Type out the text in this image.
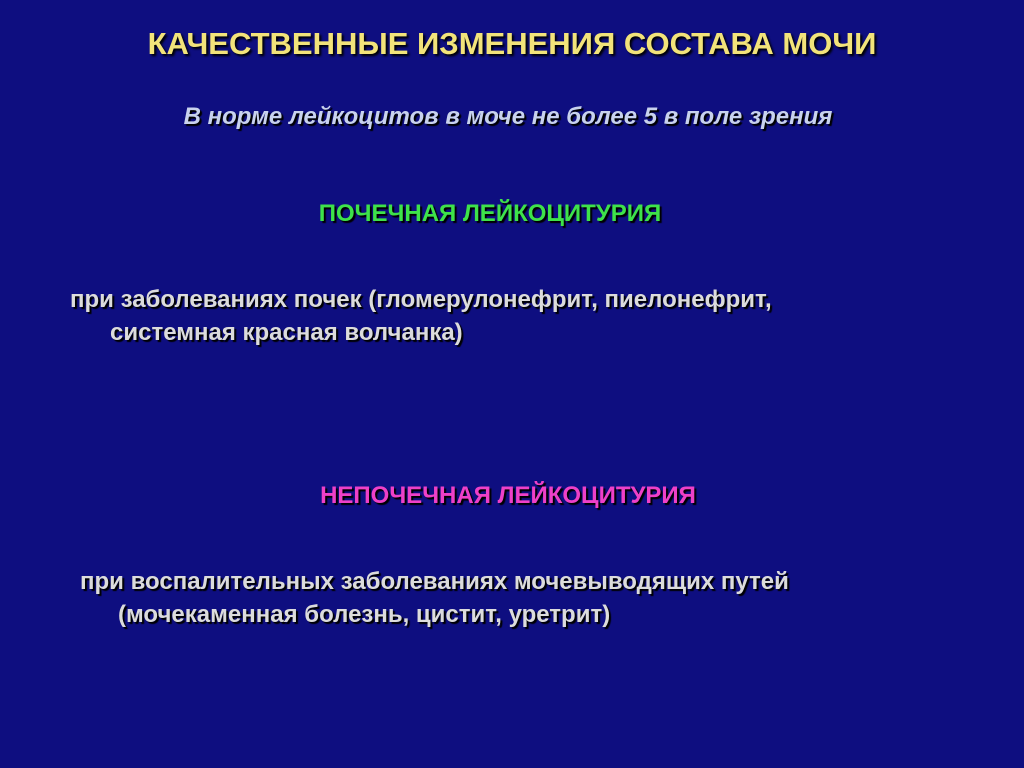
КАЧЕСТВЕННЫЕ ИЗМЕНЕНИЯ СОСТАВА МОЧИ

В норме лейкоцитов в моче не более 5 в поле зрения

ПОЧЕЧНАЯ ЛЕЙКОЦИТУРИЯ

при заболеваниях почек (гломерулонефрит, пиелонефрит,

системная красная волчанка)

НЕПОЧЕЧНАЯ ЛЕЙКОЦИТУРИЯ

при воспалительных заболеваниях мочевыводящих путей

(мочекаменная болезнь, цистит, уретрит)
